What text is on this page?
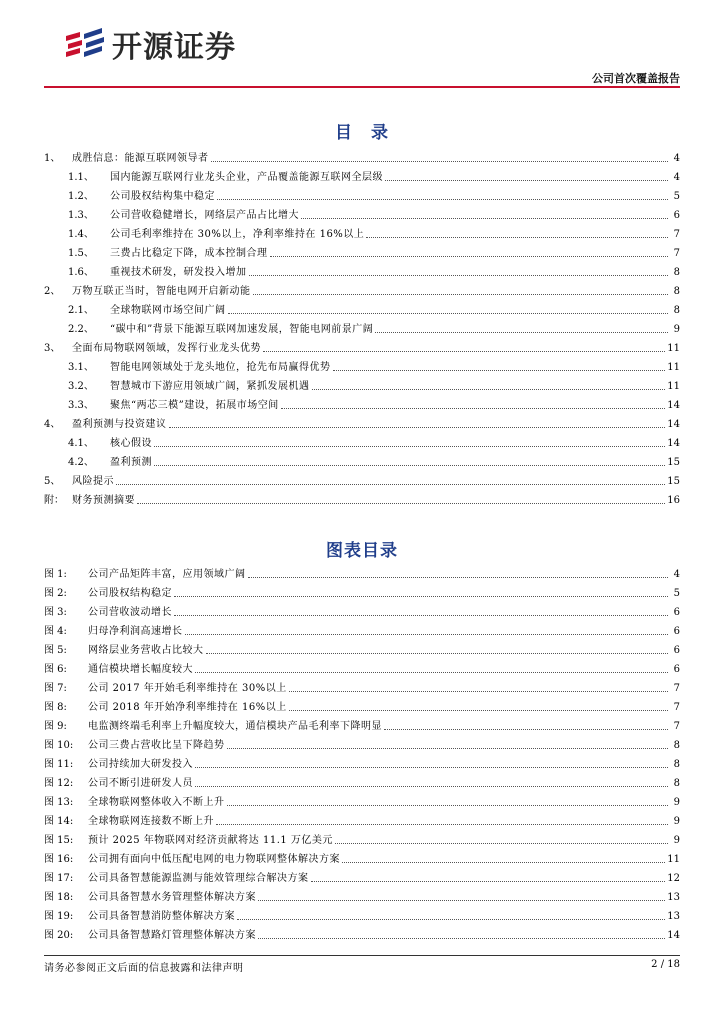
开源证券
公司首次覆盖报告
目　录
1、 成胜信息：能源互联网领导者	4
1.1、	国内能源互联网行业龙头企业，产品覆盖能源互联网全层级	4
1.2、	公司股权结构集中稳定	5
1.3、	公司营收稳健增长，网络层产品占比增大	6
1.4、	公司毛利率维持在 30%以上，净利率维持在 16%以上	7
1.5、	三费占比稳定下降，成本控制合理	7
1.6、	重视技术研发，研发投入增加	8
2、 万物互联正当时，智能电网开启新动能	8
2.1、	全球物联网市场空间广阔	8
2.2、	“碳中和”背景下能源互联网加速发展，智能电网前景广阔	9
3、 全面布局物联网领域，发挥行业龙头优势	11
3.1、	智能电网领域处于龙头地位，抢先布局赢得优势	11
3.2、	智慧城市下游应用领域广阔，紧抓发展机遇	11
3.3、	聚焦“两芯三模”建设，拓展市场空间	14
4、 盈利预测与投资建议	14
4.1、	核心假设	14
4.2、	盈利预测	15
5、 风险提示	15
附： 财务预测摘要	16
图表目录
图 1:	公司产品矩阵丰富，应用领域广阔	4
图 2:	公司股权结构稳定	5
图 3:	公司营收波动增长	6
图 4:	归母净利润高速增长	6
图 5:	网络层业务营收占比较大	6
图 6:	通信模块增长幅度较大	6
图 7:	公司 2017 年开始毛利率维持在 30%以上	7
图 8:	公司 2018 年开始净利率维持在 16%以上	7
图 9:	电监测终端毛利率上升幅度较大，通信模块产品毛利率下降明显	7
图 10:	公司三费占营收比呈下降趋势	8
图 11:	公司持续加大研发投入	8
图 12:	公司不断引进研发人员	8
图 13:	全球物联网整体收入不断上升	9
图 14:	全球物联网连接数不断上升	9
图 15:	预计 2025 年物联网对经济贡献将达 11.1 万亿美元	9
图 16:	公司拥有面向中低压配电网的电力物联网整体解决方案	11
图 17:	公司具备智慧能源监测与能效管理综合解决方案	12
图 18:	公司具备智慧水务管理整体解决方案	13
图 19:	公司具备智慧消防整体解决方案	13
图 20:	公司具备智慧路灯管理整体解决方案	14
请务必参阅正文后面的信息披露和法律声明	2 / 18
